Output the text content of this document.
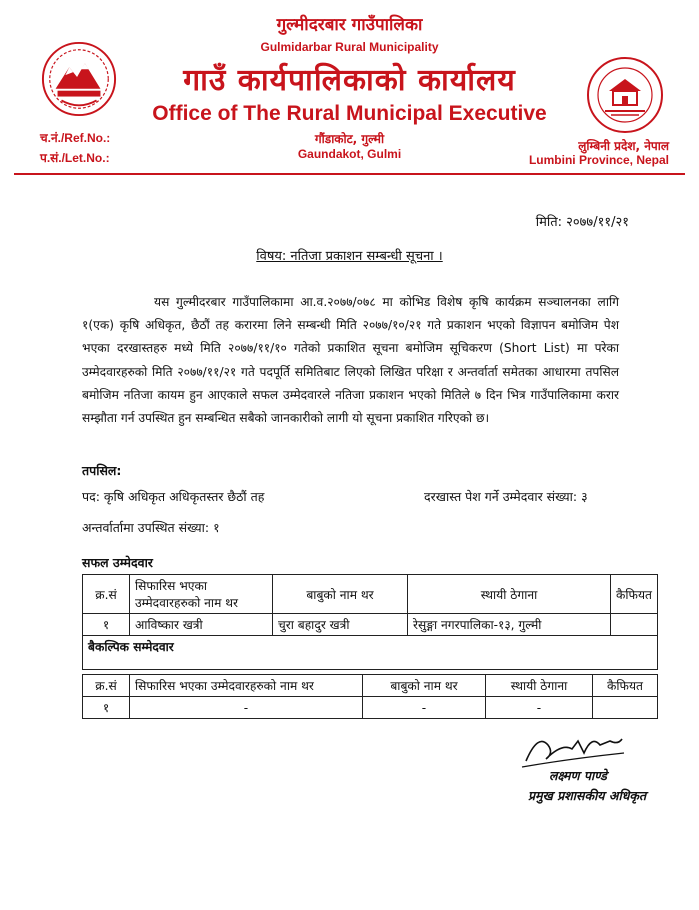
गुल्मीदरबार गाउँपालिका
Gulmidarbar Rural Municipality
गाउँ कार्यपालिकाको कार्यालय
Office of The Rural Municipal Executive
गौंडाकोट, गुल्मी
Gaundakot, Gulmi
च.नं./Ref.No.:
प.सं./Let.No.:
लुम्बिनी प्रदेश, नेपाल
Lumbini Province, Nepal
मिति: २०७७/११/२१
विषय: नतिजा प्रकाशन सम्बन्धी सूचना ।
यस गुल्मीदरबार गाउँपालिकामा आ.व.२०७७/०७८ मा कोभिड विशेष कृषि कार्यक्रम सञ्चालनका लागि १(एक) कृषि अधिकृत, छैठौं तह करारमा लिने सम्बन्धी मिति २०७७/१०/२१ गते प्रकाशन भएको विज्ञापन बमोजिम पेश भएका दरखास्तहरु मध्ये मिति २०७७/११/१० गतेको प्रकाशित सूचना बमोजिम सूचिकरण (Short List) मा परेका उम्मेदवारहरुको मिति २०७७/११/२१ गते पदपूर्ति समितिबाट लिएको लिखित परिक्षा र अन्तर्वार्ता समेतका आधारमा तपसिल बमोजिम नतिजा कायम हुन आएकाले सफल उम्मेदवारले नतिजा प्रकाशन भएको मितिले ७ दिन भित्र गाउँपालिकामा करार सम्झौता गर्न उपस्थित हुन सम्बन्धित सबैको जानकारीको लागी यो सूचना प्रकाशित गरिएको छ।
तपसिल:
पद: कृषि अधिकृत अधिकृतस्तर छैठौं तह	दरखास्त पेश गर्ने उम्मेदवार संख्या: ३
अन्तर्वार्तामा उपस्थित संख्या: १
सफल उम्मेदवार
क्र.सं	सिफारिस भएका उम्मेदवारहरुको नाम थर	बाबुको नाम थर	स्थायी ठेगाना	कैफियत
१	आविष्कार खत्री	चुरा बहादुर खत्री	रेसुङ्गा नगरपालिका-१३, गुल्मी	
बैकल्पिक सम्मेदवार				
क्र.सं	सिफारिस भएका उम्मेदवारहरुको नाम थर	बाबुको नाम थर	स्थायी ठेगाना	कैफियत
१	-	-	-	
लक्ष्मण पाण्डे
प्रमुख प्रशासकीय अधिकृत
